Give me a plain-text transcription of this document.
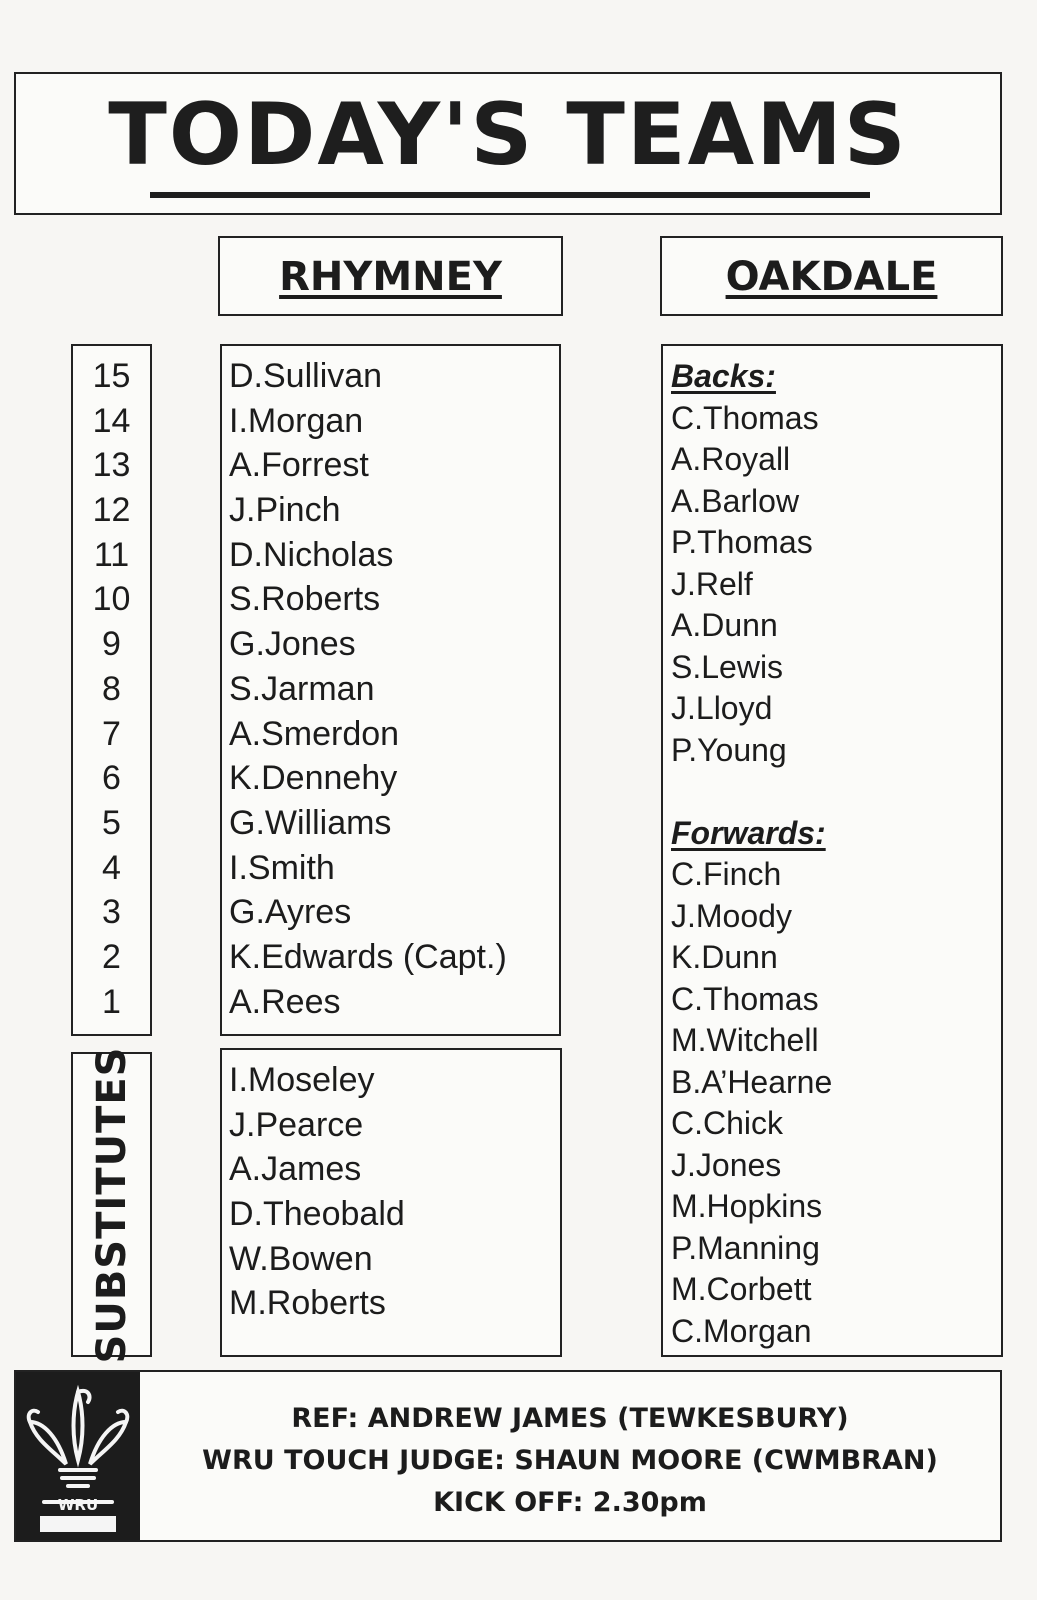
TODAY'S TEAMS
RHYMNEY	OAKDALE
15
14
13
12
11
10
9
8
7
6
5
4
3
2
1
D.Sullivan
I.Morgan
A.Forrest
J.Pinch
D.Nicholas
S.Roberts
G.Jones
S.Jarman
A.Smerdon
K.Dennehy
G.Williams
I.Smith
G.Ayres
K.Edwards (Capt.)
A.Rees
SUBSTITUTES	I.Moseley
J.Pearce
A.James
D.Theobald
W.Bowen
M.Roberts
Backs:
C.Thomas
A.Royall
A.Barlow
P.Thomas
J.Relf
A.Dunn
S.Lewis
J.Lloyd
P.Young
Forwards:
C.Finch
J.Moody
K.Dunn
C.Thomas
M.Witchell
B.A’Hearne
C.Chick
J.Jones
M.Hopkins
P.Manning
M.Corbett
C.Morgan
WRU
REF: ANDREW JAMES (TEWKESBURY)
WRU TOUCH JUDGE: SHAUN MOORE (CWMBRAN)
KICK OFF: 2.30pm
